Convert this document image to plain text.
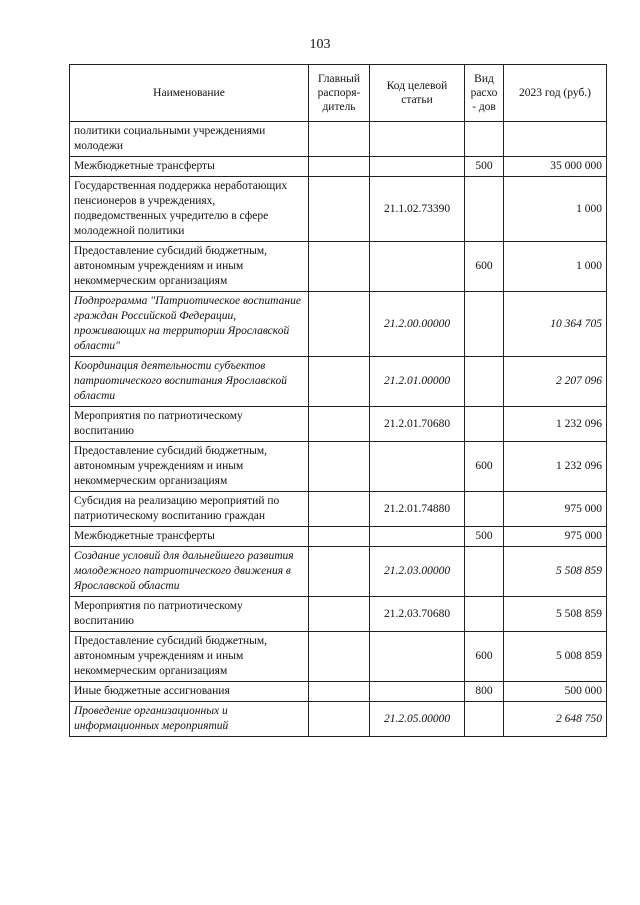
103
Наименование	Главный распоря- дитель	Код целевой статьи	Вид расхо- дов	2023 год (руб.)
политики социальными учреждениями молодежи				
Межбюджетные трансферты			500	35 000 000
Государственная поддержка неработающих пенсионеров в учреждениях, подведомственных учредителю в сфере молодежной политики		21.1.02.73390		1 000
Предоставление субсидий бюджетным, автономным учреждениям и иным некоммерческим организациям			600	1 000
Подпрограмма "Патриотическое воспитание граждан Российской Федерации, проживающих на территории Ярославской области"		21.2.00.00000		10 364 705
Координация деятельности субъектов патриотического воспитания Ярославской области		21.2.01.00000		2 207 096
Мероприятия по патриотическому воспитанию		21.2.01.70680		1 232 096
Предоставление субсидий бюджетным, автономным учреждениям и иным некоммерческим организациям			600	1 232 096
Субсидия на реализацию мероприятий по патриотическому воспитанию граждан		21.2.01.74880		975 000
Межбюджетные трансферты			500	975 000
Создание условий для дальнейшего развития молодежного патриотического движения в Ярославской области		21.2.03.00000		5 508 859
Мероприятия по патриотическому воспитанию		21.2.03.70680		5 508 859
Предоставление субсидий бюджетным, автономным учреждениям и иным некоммерческим организациям			600	5 008 859
Иные бюджетные ассигнования			800	500 000
Проведение организационных и информационных мероприятий		21.2.05.00000		2 648 750
